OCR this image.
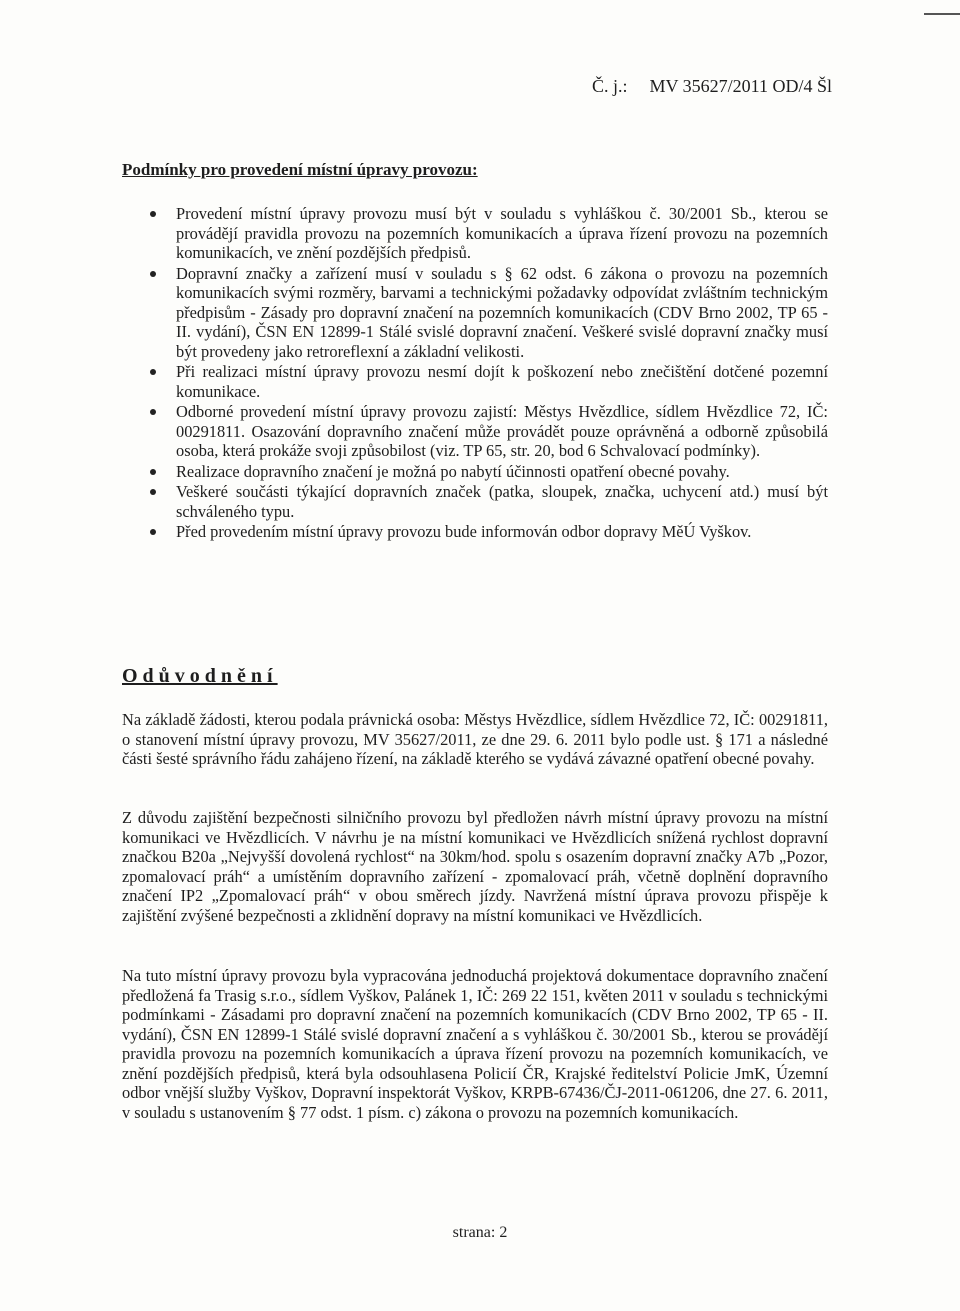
Č. j.: MV 35627/2011 OD/4 Šl
Podmínky pro provedení místní úpravy provozu:
Provedení místní úpravy provozu musí být v souladu s vyhláškou č. 30/2001 Sb., kterou se provádějí pravidla provozu na pozemních komunikacích a úprava řízení provozu na pozemních komunikacích, ve znění pozdějších předpisů.
Dopravní značky a zařízení musí v souladu s § 62 odst. 6 zákona o provozu na pozemních komunikacích svými rozměry, barvami a technickými požadavky odpovídat zvláštním technickým předpisům - Zásady pro dopravní značení na pozemních komunikacích (CDV Brno 2002, TP 65 - II. vydání), ČSN EN 12899-1 Stálé svislé dopravní značení. Veškeré svislé dopravní značky musí být provedeny jako retroreflexní a základní velikosti.
Při realizaci místní úpravy provozu nesmí dojít k poškození nebo znečištění dotčené pozemní komunikace.
Odborné provedení místní úpravy provozu zajistí: Městys Hvězdlice, sídlem Hvězdlice 72, IČ: 00291811. Osazování dopravního značení může provádět pouze oprávněná a odborně způsobilá osoba, která prokáže svoji způsobilost (viz. TP 65, str. 20, bod 6 Schvalovací podmínky).
Realizace dopravního značení je možná po nabytí účinnosti opatření obecné povahy.
Veškeré součásti týkající dopravních značek (patka, sloupek, značka, uchycení atd.) musí být schváleného typu.
Před provedením místní úpravy provozu bude informován odbor dopravy MěÚ Vyškov.
Odůvodnění

Na základě žádosti, kterou podala právnická osoba: Městys Hvězdlice, sídlem Hvězdlice 72, IČ: 00291811, o stanovení místní úpravy provozu, MV 35627/2011, ze dne 29. 6. 2011 bylo podle ust. § 171 a následné části šesté správního řádu zahájeno řízení, na základě kterého se vydává závazné opatření obecné povahy.

Z důvodu zajištění bezpečnosti silničního provozu byl předložen návrh místní úpravy provozu na místní komunikaci ve Hvězdlicích. V návrhu je na místní komunikaci ve Hvězdlicích snížená rychlost dopravní značkou B20a „Nejvyšší dovolená rychlost“ na 30km/hod. spolu s osazením dopravní značky A7b „Pozor, zpomalovací práh“ a umístěním dopravního zařízení - zpomalovací práh, včetně doplnění dopravního značení IP2 „Zpomalovací práh“ v obou směrech jízdy. Navržená místní úprava provozu přispěje k zajištění zvýšené bezpečnosti a zklidnění dopravy na místní komunikaci ve Hvězdlicích.

Na tuto místní úpravy provozu byla vypracována jednoduchá projektová dokumentace dopravního značení předložená fa Trasig s.r.o., sídlem Vyškov, Palánek 1, IČ: 269 22 151, květen 2011 v souladu s technickými podmínkami - Zásadami pro dopravní značení na pozemních komunikacích (CDV Brno 2002, TP 65 - II. vydání), ČSN EN 12899-1 Stálé svislé dopravní značení a s vyhláškou č. 30/2001 Sb., kterou se provádějí pravidla provozu na pozemních komunikacích a úprava řízení provozu na pozemních komunikacích, ve znění pozdějších předpisů, která byla odsouhlasena Policií ČR, Krajské ředitelství Policie JmK, Územní odbor vnější služby Vyškov, Dopravní inspektorát Vyškov, KRPB-67436/ČJ-2011-061206, dne 27. 6. 2011, v souladu s ustanovením § 77 odst. 1 písm. c) zákona o provozu na pozemních komunikacích.

strana: 2
